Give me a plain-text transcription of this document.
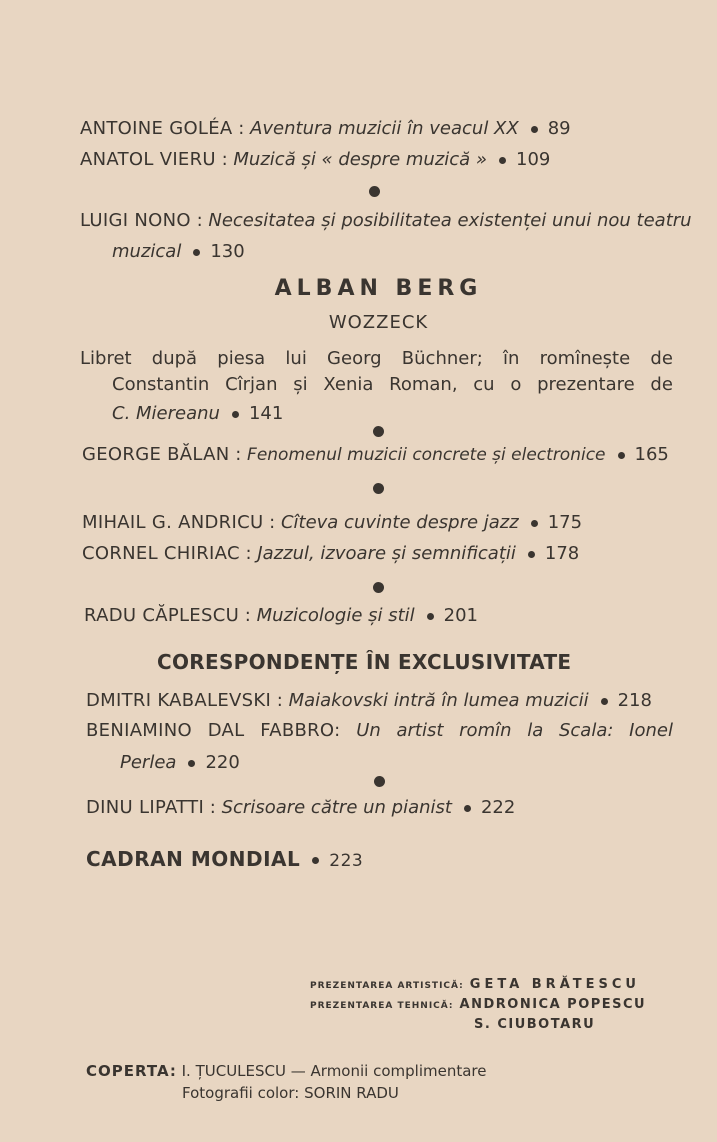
ANTOINE GOLÉA : Aventura muzicii în veacul XX 89
ANATOL VIERU : Muzică și « despre muzică » 109
LUIGI NONO : Necesitatea și posibilitatea existenței unui nou teatru
muzical 130
ALBAN BERG
WOZZECK
Libret după piesa lui Georg Büchner; în romînește de
Constantin Cîrjan și Xenia Roman, cu o prezentare de
C. Miereanu 141
GEORGE BĂLAN : Fenomenul muzicii concrete și electronice 165
MIHAIL G. ANDRICU : Cîteva cuvinte despre jazz 175
CORNEL CHIRIAC : Jazzul, izvoare și semnificații 178
RADU CĂPLESCU : Muzicologie și stil 201
CORESPONDENȚE ÎN EXCLUSIVITATE
DMITRI KABALEVSKI : Maiakovski intră în lumea muzicii 218
BENIAMINO DAL FABBRO: Un artist romîn la Scala: Ionel
Perlea 220
DINU LIPATTI : Scrisoare către un pianist 222
CADRAN MONDIAL 223
PREZENTAREA ARTISTICĂ: GETA BRĂTESCU
PREZENTAREA TEHNICĂ: ANDRONICA POPESCU
S. CIUBOTARU
COPERTA: I. ȚUCULESCU — Armonii complimentare
Fotografii color: SORIN RADU
